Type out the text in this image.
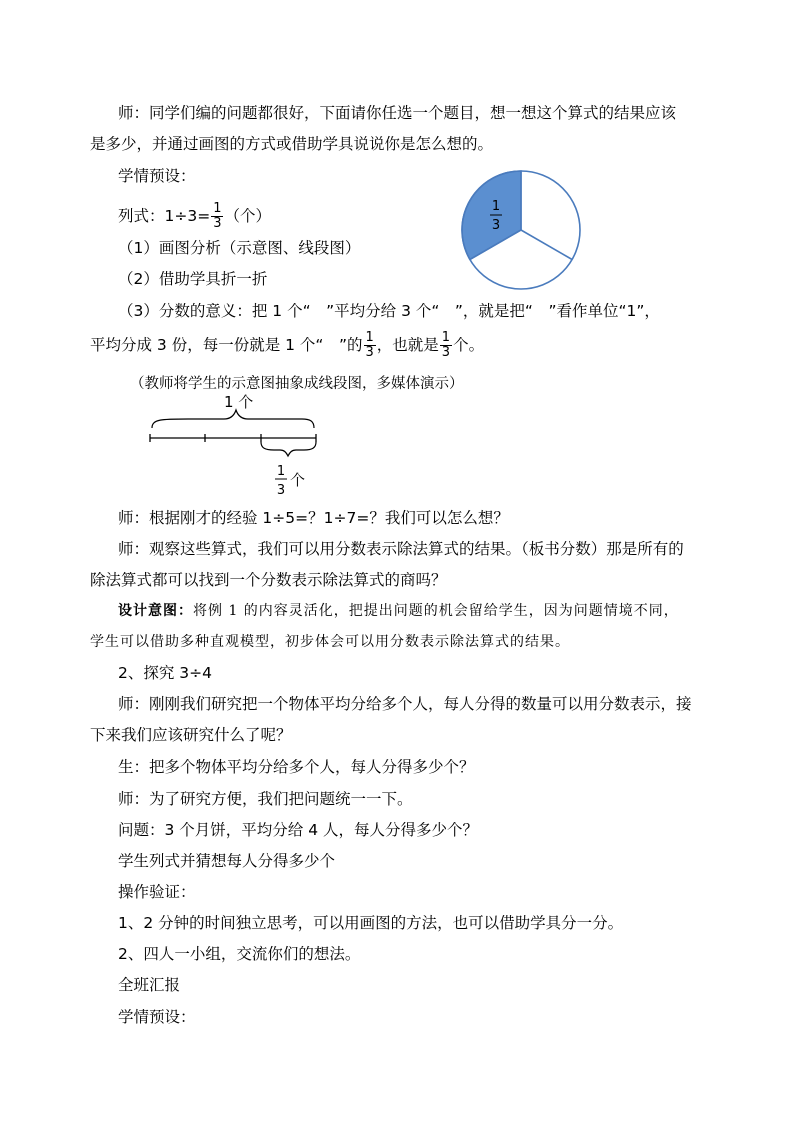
师：同学们编的问题都很好，下面请你任选一个题目，想一想这个算式的结果应该
是多少，并通过画图的方式或借助学具说说你是怎么想的。
学情预设：
列式：$1\div 3= \frac{1}{3}$ （个）
（1）画图分析（示意图、线段图）
（2）借助学具折一折
（3）分数的意义：把 1 个“　”平均分给 3 个“　”，就是把“　”看作单位“1”，
平均分成 3 份，每一份就是 1 个“　”的 $\frac{1}{3}$ ，也就是 $\frac{1}{3}$ 个。
（教师将学生的示意图抽象成线段图，多媒体演示）
1 个
1
3
个
1
3
师：根据刚才的经验 1÷5=？1÷7=？我们可以怎么想？
师：观察这些算式，我们可以用分数表示除法算式的结果。（板书分数）那是所有的
除法算式都可以找到一个分数表示除法算式的商吗？
设计意图：将例 1 的内容灵活化，把提出问题的机会留给学生，因为问题情境不同，
学生可以借助多种直观模型，初步体会可以用分数表示除法算式的结果。
2、探究 3÷4
师：刚刚我们研究把一个物体平均分给多个人，每人分得的数量可以用分数表示，接
下来我们应该研究什么了呢？
生：把多个物体平均分给多个人，每人分得多少个？
师：为了研究方便，我们把问题统一一下。
问题：3 个月饼，平均分给 4 人，每人分得多少个？
学生列式并猜想每人分得多少个
操作验证：
1、2 分钟的时间独立思考，可以用画图的方法，也可以借助学具分一分。
2、四人一小组，交流你们的想法。
全班汇报
学情预设：
